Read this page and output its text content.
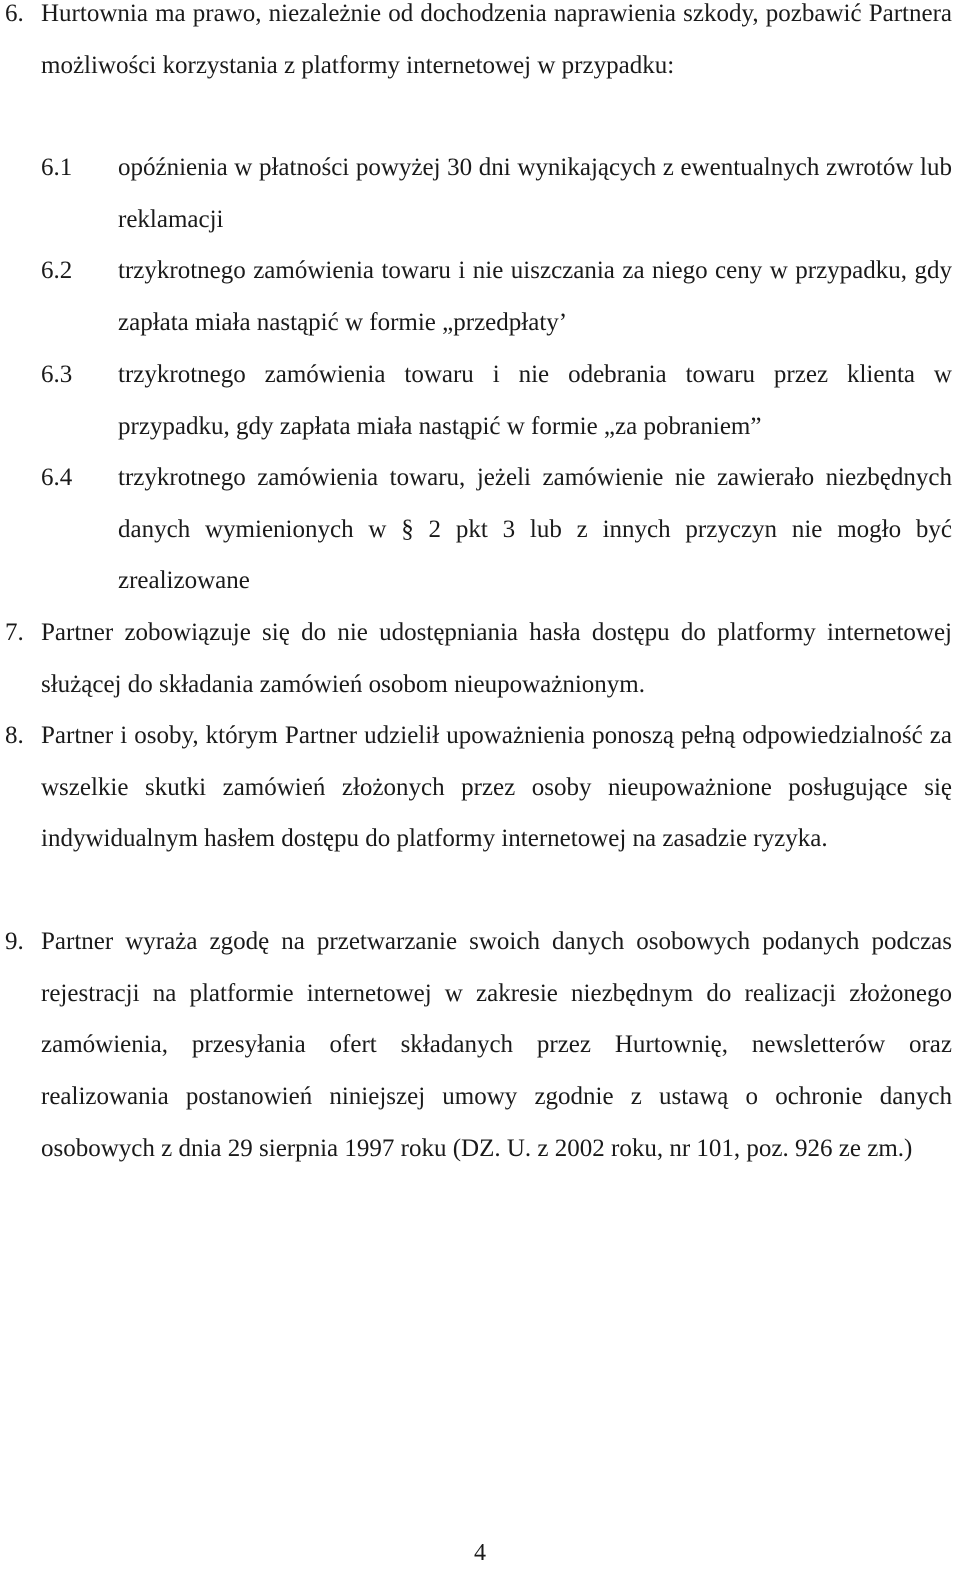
6. Hurtownia ma prawo, niezależnie od dochodzenia naprawienia szkody, pozbawić Partnera możliwości korzystania z platformy internetowej w przypadku:
6.1 opóźnienia w płatności powyżej 30 dni wynikających z ewentualnych zwrotów lub reklamacji
6.2 trzykrotnego zamówienia towaru i nie uiszczania za niego ceny w przypadku, gdy zapłata miała nastąpić w formie „przedpłaty’
6.3 trzykrotnego zamówienia towaru i nie odebrania towaru przez klienta w przypadku, gdy zapłata miała nastąpić w formie „za pobraniem”
6.4 trzykrotnego zamówienia towaru, jeżeli zamówienie nie zawierało niezbędnych danych wymienionych w § 2 pkt 3 lub z innych przyczyn nie mogło być zrealizowane
7. Partner zobowiązuje się do nie udostępniania hasła dostępu do platformy internetowej służącej do składania zamówień osobom nieupoważnionym.
8. Partner i osoby, którym Partner udzielił upoważnienia ponoszą pełną odpowiedzialność za wszelkie skutki zamówień złożonych przez osoby nieupoważnione posługujące się indywidualnym hasłem dostępu do platformy internetowej na zasadzie ryzyka.
9. Partner wyraża zgodę na przetwarzanie swoich danych osobowych podanych podczas rejestracji na platformie internetowej w zakresie niezbędnym do realizacji złożonego zamówienia, przesyłania ofert składanych przez Hurtownię, newsletterów oraz realizowania postanowień niniejszej umowy zgodnie z ustawą o ochronie danych osobowych z dnia 29 sierpnia 1997 roku (DZ. U. z 2002 roku, nr 101, poz. 926 ze zm.)
4
